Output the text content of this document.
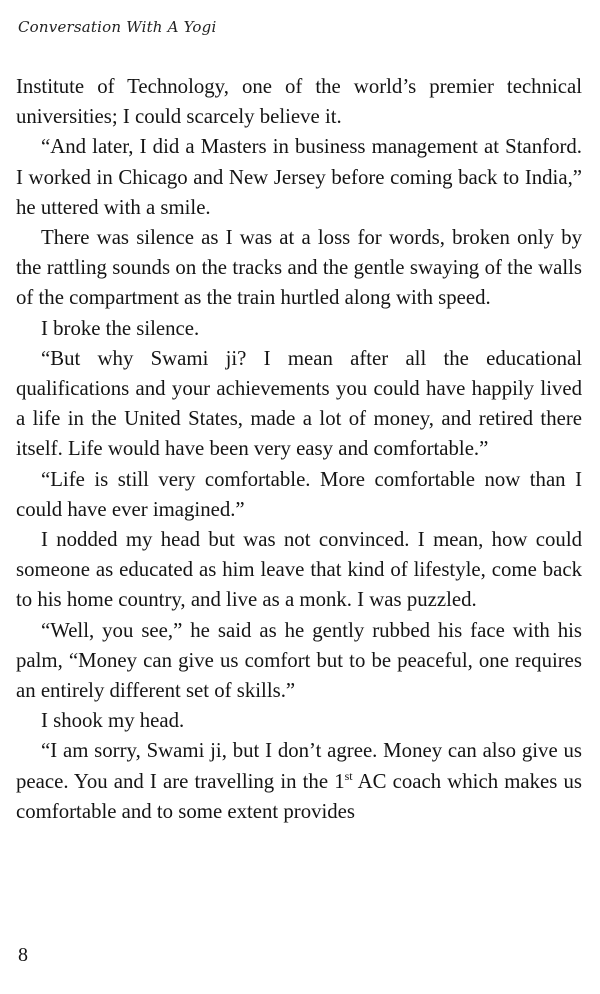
Conversation With A Yogi

Institute of Technology, one of the world’s premier technical universities; I could scarcely believe it.

“And later, I did a Masters in business management at Stanford. I worked in Chicago and New Jersey before coming back to India,” he uttered with a smile.

There was silence as I was at a loss for words, broken only by the rattling sounds on the tracks and the gentle swaying of the walls of the compartment as the train hurtled along with speed.

I broke the silence.

“But why Swami ji? I mean after all the educational qualifications and your achievements you could have happily lived a life in the United States, made a lot of money, and retired there itself. Life would have been very easy and comfortable.”

“Life is still very comfortable. More comfortable now than I could have ever imagined.”

I nodded my head but was not convinced. I mean, how could someone as educated as him leave that kind of lifestyle, come back to his home country, and live as a monk. I was puzzled.

“Well, you see,” he said as he gently rubbed his face with his palm, “Money can give us comfort but to be peaceful, one requires an entirely different set of skills.”

I shook my head.

“I am sorry, Swami ji, but I don’t agree. Money can also give us peace. You and I are travelling in the 1st AC coach which makes us comfortable and to some extent provides

8
